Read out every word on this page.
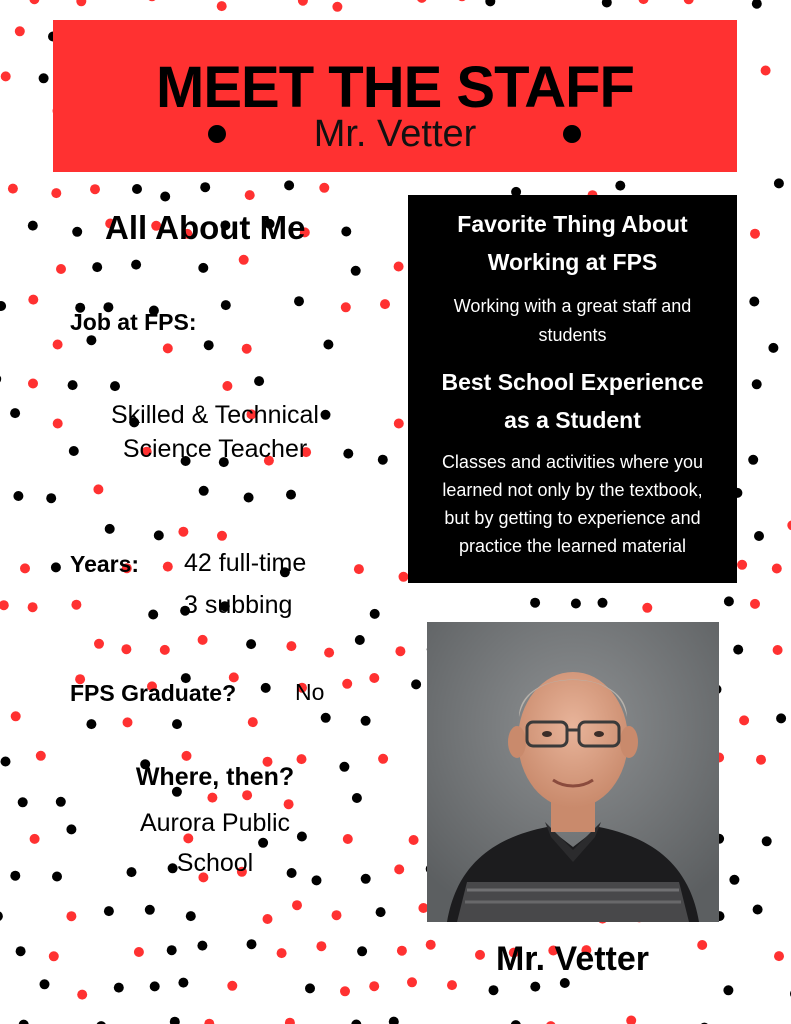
MEET THE STAFF
Mr. Vetter
All About Me
Job at FPS:
Skilled & Technical
Science Teacher
Years: 42 full-time
3 subbing
FPS Graduate?	No
Where, then?
Aurora Public
School
Favorite Thing About
Working at FPS
Working with a great staff and
students
Best School Experience
as a Student
Classes and activities where you
learned not only by the textbook,
but by getting to experience and
practice the learned material
Mr. Vetter
